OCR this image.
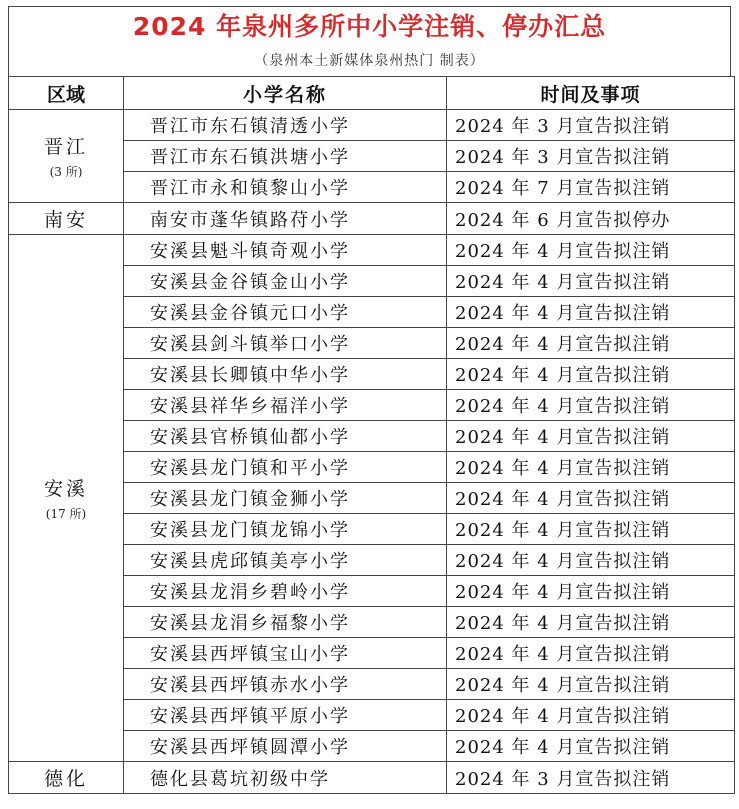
2024 年泉州多所中小学注销、停办汇总
（泉州本土新媒体泉州热门 制表）
区域	小学名称	时间及事项

晋江
(3 所)	晋江市东石镇清透小学	2024 年 3 月宣告拟注销
	晋江市东石镇洪塘小学	2024 年 3 月宣告拟注销
	晋江市永和镇黎山小学	2024 年 7 月宣告拟注销

南安	南安市蓬华镇路苻小学	2024 年 6 月宣告拟停办

安溪
(17 所)	安溪县魁斗镇奇观小学	2024 年 4 月宣告拟注销
	安溪县金谷镇金山小学	2024 年 4 月宣告拟注销
	安溪县金谷镇元口小学	2024 年 4 月宣告拟注销
	安溪县剑斗镇举口小学	2024 年 4 月宣告拟注销
	安溪县长卿镇中华小学	2024 年 4 月宣告拟注销
	安溪县祥华乡福洋小学	2024 年 4 月宣告拟注销
	安溪县官桥镇仙都小学	2024 年 4 月宣告拟注销
	安溪县龙门镇和平小学	2024 年 4 月宣告拟注销
	安溪县龙门镇金狮小学	2024 年 4 月宣告拟注销
	安溪县龙门镇龙锦小学	2024 年 4 月宣告拟注销
	安溪县虎邱镇美亭小学	2024 年 4 月宣告拟注销
	安溪县龙涓乡碧岭小学	2024 年 4 月宣告拟注销
	安溪县龙涓乡福黎小学	2024 年 4 月宣告拟注销
	安溪县西坪镇宝山小学	2024 年 4 月宣告拟注销
	安溪县西坪镇赤水小学	2024 年 4 月宣告拟注销
	安溪县西坪镇平原小学	2024 年 4 月宣告拟注销
	安溪县西坪镇圆潭小学	2024 年 4 月宣告拟注销

德化	德化县葛坑初级中学	2024 年 3 月宣告拟注销
